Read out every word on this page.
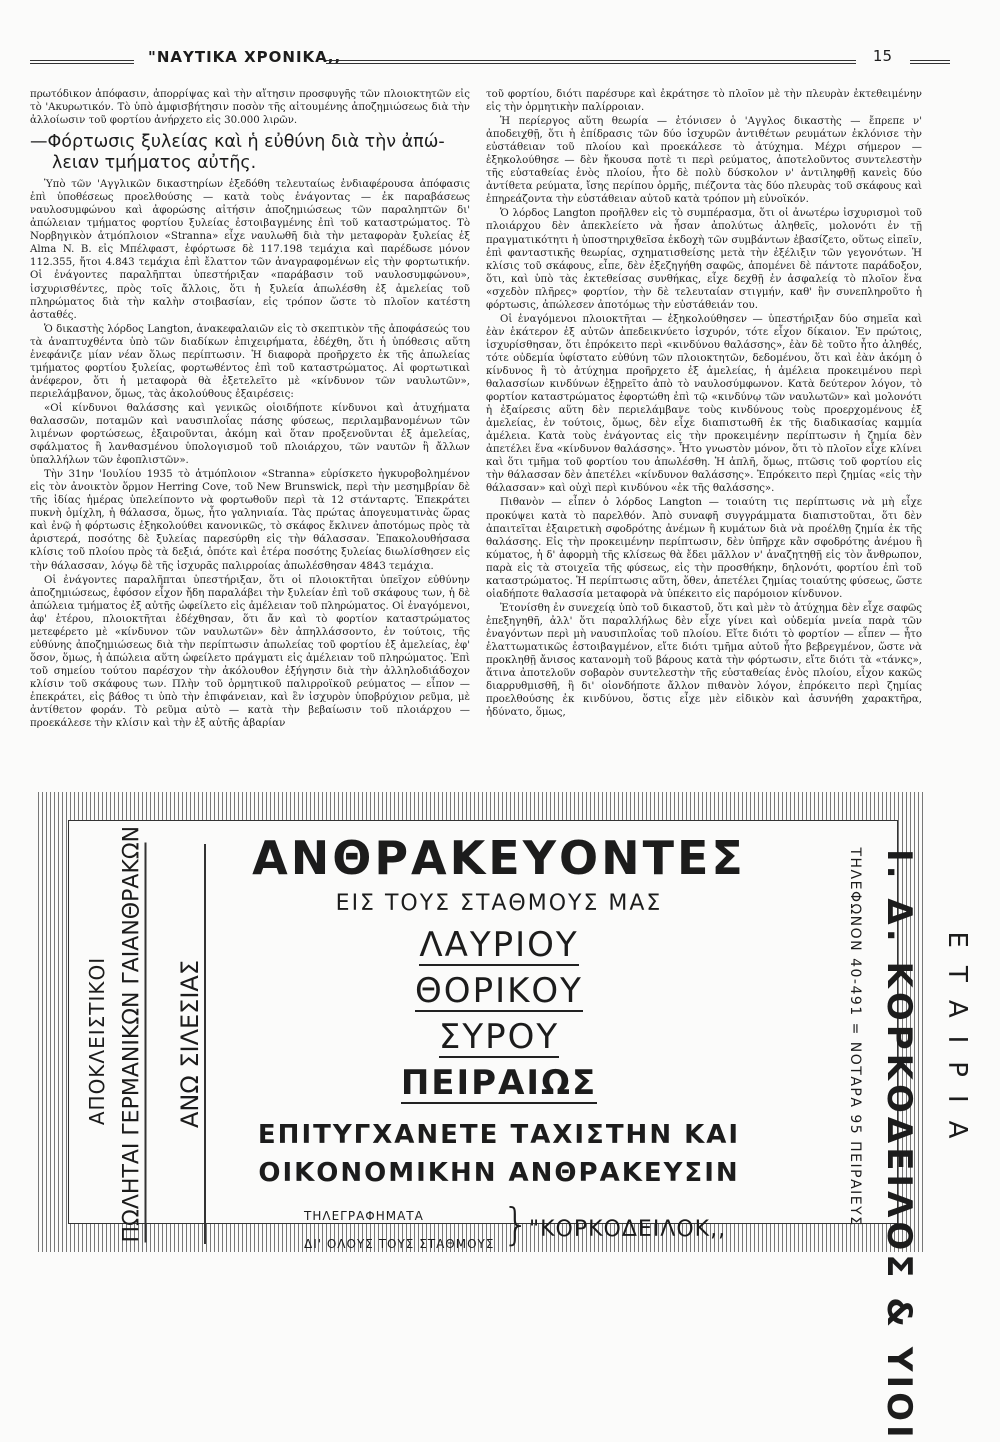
"ΝΑΥΤΙΚΑ ΧΡΟΝΙΚΑ,,	15

πρωτόδικον ἀπόφασιν, ἀπορρίψας καὶ τὴν αἴτησιν προσφυγῆς τῶν πλοιοκτητῶν εἰς τὸ 'Ακυρωτικόν. Τὸ ὑπὸ ἀμφισβήτησιν ποσὸν τῆς αἰτουμένης ἀποζημιώσεως διὰ τὴν ἀλλοίωσιν τοῦ φορτίου ἀνήρχετο εἰς 30.000 λιρῶν.

—Φόρτωσις ξυλείας καὶ ἡ εὐθύνη διὰ τὴν ἀπώ-
λειαν τμήματος αὐτῆς.

Ὑπὸ τῶν 'Αγγλικῶν δικαστηρίων ἐξεδόθη τελευταίως ἐνδιαφέρουσα ἀπόφασις ἐπὶ ὑποθέσεως προελθούσης — κατὰ τοὺς ἐνάγοντας — ἐκ παραβάσεως ναυλοσυμφώνου καὶ ἀφορώσης αἰτήσιν ἀποζημιώσεως τῶν παραληπτῶν δι' ἀπώλειαν τμήματος φορτίου ξυλείας ἐστοιβαγμένης ἐπὶ τοῦ καταστρώματος. Τὸ Νορβηγικὸν ἀτμόπλοιον «Stranna» εἶχε ναυλωθῆ διὰ τὴν μεταφορὰν ξυλείας ἐξ Alma N. B. εἰς Μπέλφαστ, ἐφόρτωσε δὲ 117.198 τεμάχια καὶ παρέδωσε μόνον 112.355, ἤτοι 4.843 τεμάχια ἐπὶ ἔλαττον τῶν ἀναγραφομένων εἰς τὴν φορτωτικήν. Οἱ ἐνάγοντες παραλῆπται ὑπεστήριξαν «παράβασιν τοῦ ναυλοσυμφώνου», ἰσχυρισθέντες, πρὸς τοῖς ἄλλοις, ὅτι ἡ ξυλεία ἀπωλέσθη ἐξ ἀμελείας τοῦ πληρώματος διὰ τὴν καλὴν στοιβασίαν, εἰς τρόπον ὥστε τὸ πλοῖον κατέστη ἀσταθές.

Ὁ δικαστὴς λόρδος Langton, ἀνακεφαλαιῶν εἰς τὸ σκεπτικὸν τῆς ἀποφάσεώς του τὰ ἀναπτυχθέντα ὑπὸ τῶν διαδίκων ἐπιχειρήματα, ἐδέχθη, ὅτι ἡ ὑπόθεσις αὕτη ἐνεφάνιζε μίαν νέαν ὅλως περίπτωσιν. Ἡ διαφορὰ προῆρχετο ἐκ τῆς ἀπωλείας τμήματος φορτίου ξυλείας, φορτωθέντος ἐπὶ τοῦ καταστρώματος. Αἱ φορτωτικαὶ ἀνέφερον, ὅτι ἡ μεταφορὰ θὰ ἐξετελεῖτο μὲ «κίνδυνον τῶν ναυλωτῶν», περιελάμβανον, ὅμως, τὰς ἀκολούθους ἐξαιρέσεις:

«Οἱ κίνδυνοι θαλάσσης καὶ γενικῶς οἱοιδήποτε κίνδυνοι καὶ ἀτυχήματα θαλασσῶν, ποταμῶν καὶ ναυσιπλοΐας πάσης φύσεως, περιλαμβανομένων τῶν λιμένων φορτώσεως, ἐξαιροῦνται, ἀκόμη καὶ ὅταν προξενοῦνται ἐξ ἀμελείας, σφάλματος ἢ λανθασμένου ὑπολογισμοῦ τοῦ πλοιάρχου, τῶν ναυτῶν ἢ ἄλλων ὑπαλλήλων τῶν ἐφοπλιστῶν».

Τὴν 31ην 'Ιουλίου 1935 τὸ ἀτμόπλοιον «Stranna» εὑρίσκετο ἠγκυροβολημένον εἰς τὸν ἀνοικτὸν ὅρμον Herring Cove, τοῦ New Brunswick, περὶ τὴν μεσημβρίαν δὲ τῆς ἰδίας ἡμέρας ὑπελείποντο νὰ φορτωθοῦν περὶ τὰ 12 στάνταρτς. Ἐπεκράτει πυκνὴ ὁμίχλη, ἡ θάλασσα, ὅμως, ἦτο γαληνιαία. Τὰς πρώτας ἀπογευματινὰς ὥρας καὶ ἐνῷ ἡ φόρτωσις ἐξηκολούθει κανονικῶς, τὸ σκάφος ἔκλινεν ἀποτόμως πρὸς τὰ ἀριστερά, ποσότης δὲ ξυλείας παρεσύρθη εἰς τὴν θάλασσαν. Ἐπακολουθήσασα κλίσις τοῦ πλοίου πρὸς τὰ δεξιά, ὁπότε καὶ ἑτέρα ποσότης ξυλείας διωλίσθησεν εἰς τὴν θάλασσαν, λόγῳ δὲ τῆς ἰσχυρᾶς παλιρροίας ἀπωλέσθησαν 4843 τεμάχια.

Οἱ ἐνάγοντες παραλῆπται ὑπεστήριξαν, ὅτι οἱ πλοιοκτῆται ὑπεῖχον εὐθύνην ἀποζημιώσεως, ἐφόσον εἶχον ἤδη παραλάβει τὴν ξυλείαν ἐπὶ τοῦ σκάφους των, ἡ δὲ ἀπώλεια τμήματος ἐξ αὐτῆς ὠφείλετο εἰς ἀμέλειαν τοῦ πληρώματος. Οἱ ἐναγόμενοι, ἀφ' ἑτέρου, πλοιοκτῆται ἐδέχθησαν, ὅτι ἄν καὶ τὸ φορτίον καταστρώματος μετεφέρετο μὲ «κίνδυνον τῶν ναυλωτῶν» δὲν ἀπηλλάσσοντο, ἐν τούτοις, τῆς εὐθύνης ἀποζημιώσεως διὰ τὴν περίπτωσιν ἀπωλείας τοῦ φορτίου ἐξ ἀμελείας, ἐφ' ὅσον, ὅμως, ἡ ἀπώλεια αὕτη ὠφείλετο πράγματι εἰς ἀμέλειαν τοῦ πληρώματος. Ἐπὶ τοῦ σημείου τούτου παρέσχον τὴν ἀκόλουθον ἐξήγησιν διὰ τὴν ἀλληλοδιάδοχον κλίσιν τοῦ σκάφους των. Πλὴν τοῦ ὁρμητικοῦ παλιρροϊκοῦ ρεύματος — εἶπον — ἐπεκράτει, εἰς βάθος τι ὑπὸ τὴν ἐπιφάνειαν, καὶ ἓν ἰσχυρὸν ὑποβρύχιον ρεῦμα, μὲ ἀντίθετον φοράν. Τὸ ρεῦμα αὐτὸ — κατὰ τὴν βεβαίωσιν τοῦ πλοιάρχου — προεκάλεσε τὴν κλίσιν καὶ τὴν ἐξ αὐτῆς ἀβαρίαν

τοῦ φορτίου, διότι παρέσυρε καὶ ἐκράτησε τὸ πλοῖον μὲ τὴν πλευρὰν ἐκτεθειμένην εἰς τὴν ὁρμητικὴν παλίρροιαν.

Ἡ περίεργος αὕτη θεωρία — ἐτόνισεν ὁ 'Αγγλος δικαστὴς — ἔπρεπε ν' ἀποδειχθῇ, ὅτι ἡ ἐπίδρασις τῶν δύο ἰσχυρῶν ἀντιθέτων ρευμάτων ἐκλόνισε τὴν εὐστάθειαν τοῦ πλοίου καὶ προεκάλεσε τὸ ἀτύχημα. Μέχρι σήμερον — ἐξηκολούθησε — δὲν ἤκουσα ποτὲ τι περὶ ρεύματος, ἀποτελοῦντος συντελεστὴν τῆς εὐσταθείας ἑνὸς πλοίου, ἦτο δὲ πολὺ δύσκολον ν' ἀντιληφθῇ κανεὶς δύο ἀντίθετα ρεύματα, ἴσης περίπου ὁρμῆς, πιέζοντα τὰς δύο πλευρὰς τοῦ σκάφους καὶ ἐπηρεάζοντα τὴν εὐστάθειαν αὐτοῦ κατὰ τρόπον μὴ εὐνοϊκόν.

Ὁ λόρδος Langton προῆλθεν εἰς τὸ συμπέρασμα, ὅτι οἱ ἀνωτέρω ἰσχυρισμοὶ τοῦ πλοιάρχου δὲν ἀπεκλείετο νὰ ἦσαν ἀπολύτως ἀληθεῖς, μολονότι ἐν τῇ πραγματικότητι ἡ ὑποστηριχθεῖσα ἐκδοχὴ τῶν συμβάντων ἐβασίζετο, οὕτως εἰπεῖν, ἐπὶ φανταστικῆς θεωρίας, σχηματισθείσης μετὰ τὴν ἐξέλιξιν τῶν γεγονότων. Ἡ κλίσις τοῦ σκάφους, εἶπε, δὲν ἐξεζηγήθη σαφῶς, ἀπομένει δὲ πάντοτε παράδοξον, ὅτι, καὶ ὑπὸ τὰς ἐκτεθείσας συνθήκας, εἶχε δεχθῇ ἐν ἀσφαλείᾳ τὸ πλοῖον ἕνα «σχεδὸν πλῆρες» φορτίον, τὴν δὲ τελευταίαν στιγμήν, καθ' ἣν συνεπληροῦτο ἡ φόρτωσις, ἀπώλεσεν ἀποτόμως τὴν εὐστάθειάν του.

Οἱ ἐναγόμενοι πλοιοκτῆται — ἐξηκολούθησεν — ὑπεστήριξαν δύο σημεῖα καὶ ἐὰν ἑκάτερον ἐξ αὐτῶν ἀπεδεικνύετο ἰσχυρόν, τότε εἶχον δίκαιον. Ἐν πρώτοις, ἰσχυρίσθησαν, ὅτι ἐπρόκειτο περὶ «κινδύνου θαλάσσης», ἐὰν δὲ τοῦτο ἦτο ἀληθές, τότε οὐδεμία ὑφίστατο εὐθύνη τῶν πλοιοκτητῶν, δεδομένου, ὅτι καὶ ἐὰν ἀκόμη ὁ κίνδυνος ἢ τὸ ἀτύχημα προῆρχετο ἐξ ἀμελείας, ἡ ἀμέλεια προκειμένου περὶ θαλασσίων κινδύνων ἐξῃρεῖτο ἀπὸ τὸ ναυλοσύμφωνον. Κατὰ δεύτερον λόγον, τὸ φορτίον καταστρώματος ἐφορτώθη ἐπὶ τῷ «κινδύνῳ τῶν ναυλωτῶν» καὶ μολονότι ἡ ἐξαίρεσις αὕτη δὲν περιελάμβανε τοὺς κινδύνους τοὺς προερχομένους ἐξ ἀμελείας, ἐν τούτοις, ὅμως, δὲν εἶχε διαπιστωθῆ ἐκ τῆς διαδικασίας καμμία ἀμέλεια. Κατὰ τοὺς ἐνάγοντας εἰς τὴν προκειμένην περίπτωσιν ἡ ζημία δὲν ἀπετέλει ἕνα «κίνδυνον θαλάσσης». Ἦτο γνωστὸν μόνον, ὅτι τὸ πλοῖον εἶχε κλίνει καὶ ὅτι τμῆμα τοῦ φορτίου του ἀπωλέσθη. Ἡ ἁπλῆ, ὅμως, πτῶσις τοῦ φορτίου εἰς τὴν θάλασσαν δὲν ἀπετέλει «κίνδυνον θαλάσσης». Ἐπρόκειτο περὶ ζημίας «εἰς τὴν θάλασσαν» καὶ οὐχὶ περὶ κινδύνου «ἐκ τῆς θαλάσσης».

Πιθανὸν — εἶπεν ὁ λόρδος Langton — τοιαύτη τις περίπτωσις νὰ μὴ εἶχε προκύψει κατὰ τὸ παρελθόν. Ἀπὸ συναφῆ συγγράμματα διαπιστοῦται, ὅτι δὲν ἀπαιτεῖται ἐξαιρετικὴ σφοδρότης ἀνέμων ἢ κυμάτων διὰ νὰ προέλθῃ ζημία ἐκ τῆς θαλάσσης. Εἰς τὴν προκειμένην περίπτωσιν, δὲν ὑπῆρχε κἂν σφοδρότης ἀνέμου ἢ κύματος, ἡ δ' ἀφορμὴ τῆς κλίσεως θὰ ἔδει μᾶλλον ν' ἀναζητηθῇ εἰς τὸν ἄνθρωπον, παρὰ εἰς τὰ στοιχεῖα τῆς φύσεως, εἰς τὴν προσθήκην, δηλονότι, φορτίου ἐπὶ τοῦ καταστρώματος. Ἡ περίπτωσις αὕτη, ὅθεν, ἀπετέλει ζημίας τοιαύτης φύσεως, ὥστε οἱαδήποτε θαλασσία μεταφορὰ νὰ ὑπέκειτο εἰς παρόμοιον κίνδυνον.

Ἐτονίσθη ἐν συνεχείᾳ ὑπὸ τοῦ δικαστοῦ, ὅτι καὶ μὲν τὸ ἀτύχημα δὲν εἶχε σαφῶς ἐπεξηγηθῆ, ἀλλ' ὅτι παραλλήλως δὲν εἶχε γίνει καὶ οὐδεμία μνεία παρὰ τῶν ἐναγόντων περὶ μὴ ναυσιπλοΐας τοῦ πλοίου. Εἴτε διότι τὸ φορτίον — εἶπεν — ἦτο ἐλαττωματικῶς ἐστοιβαγμένον, εἴτε διότι τμῆμα αὐτοῦ ἦτο βεβρεγμένον, ὥστε νὰ προκληθῇ ἄνισος κατανομὴ τοῦ βάρους κατὰ τὴν φόρτωσιν, εἴτε διότι τὰ «τάνκς», ἅτινα ἀποτελοῦν σοβαρὸν συντελεστὴν τῆς εὐσταθείας ἑνὸς πλοίου, εἶχον κακῶς διαρρυθμισθῆ, ἢ δι' οἱονδήποτε ἄλλον πιθανὸν λόγον, ἐπρόκειτο περὶ ζημίας προελθούσης ἐκ κινδύνου, ὅστις εἶχε μὲν εἰδικὸν καὶ ἀσυνήθη χαρακτῆρα, ἠδύνατο, ὅμως,

ΑΠΟΚΛΕΙΣΤΙΚΟΙ ΠΩΛΗΤΑΙ ΓΕΡΜΑΝΙΚΩΝ ΓΑΙΑΝΘΡΑΚΩΝ ΑΝΩ ΣΙΛΕΣΙΑΣ
ΑΝΘΡΑΚΕΥΟΝΤΕΣ
ΕΙΣ ΤΟΥΣ ΣΤΑΘΜΟΥΣ ΜΑΣ
ΛΑΥΡΙΟΥ
ΘΟΡΙΚΟΥ
ΣΥΡΟΥ
ΠΕΙΡΑΙΩΣ
ΕΠΙΤΥΓΧΑΝΕΤΕ ΤΑΧΙΣΤΗΝ ΚΑΙ
ΟΙΚΟΝΟΜΙΚΗΝ ΑΝΘΡΑΚΕΥΣΙΝ
ΤΗΛΕΓΡΑΦΗΜΑΤΑ
ΔΙ' ΟΛΟΥΣ ΤΟΥΣ ΣΤΑΘΜΟΥΣ } "ΚΟΡΚΟΔΕΙΛΟΚ,,
ΤΗΛΕΦΩΝΟΝ 40-491 = ΝΟΤΑΡΑ 95 ΠΕΙΡΑΙΕΥΣ Ι. Δ. ΚΟΡΚΟΔΕΙΛΟΣ & ΥΙΟΙ ΕΤΑΙΡΙΑ
